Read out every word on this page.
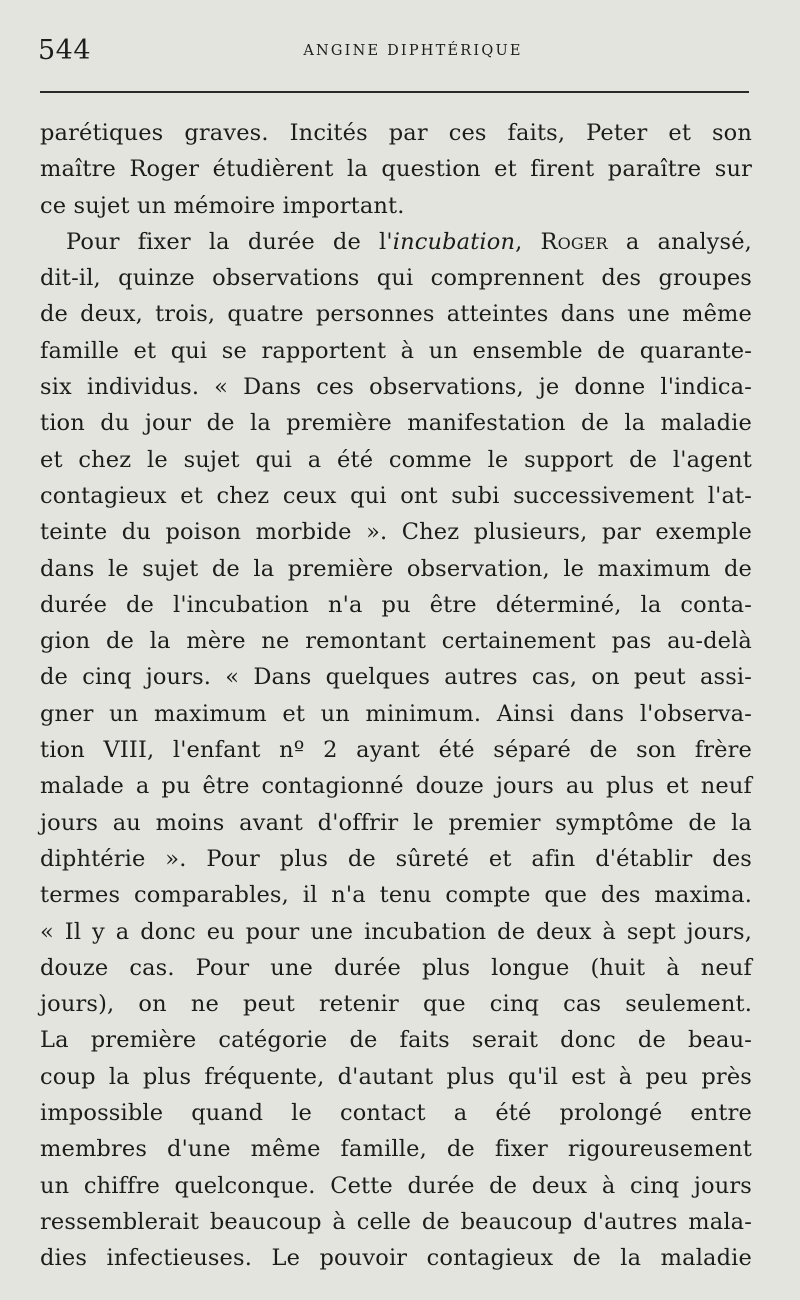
544	ANGINE DIPHTÉRIQUE
parétiques graves. Incités par ces faits, Peter et son
maître Roger étudièrent la question et firent paraître sur
ce sujet un mémoire important.
Pour fixer la durée de l'incubation, Roger a analysé,
dit-il, quinze observations qui comprennent des groupes
de deux, trois, quatre personnes atteintes dans une même
famille et qui se rapportent à un ensemble de quarante-
six individus. « Dans ces observations, je donne l'indica-
tion du jour de la première manifestation de la maladie
et chez le sujet qui a été comme le support de l'agent
contagieux et chez ceux qui ont subi successivement l'at-
teinte du poison morbide ». Chez plusieurs, par exemple
dans le sujet de la première observation, le maximum de
durée de l'incubation n'a pu être déterminé, la conta-
gion de la mère ne remontant certainement pas au-delà
de cinq jours. « Dans quelques autres cas, on peut assi-
gner un maximum et un minimum. Ainsi dans l'observa-
tion VIII, l'enfant nº 2 ayant été séparé de son frère
malade a pu être contagionné douze jours au plus et neuf
jours au moins avant d'offrir le premier symptôme de la
diphtérie ». Pour plus de sûreté et afin d'établir des
termes comparables, il n'a tenu compte que des maxima.
« Il y a donc eu pour une incubation de deux à sept jours,
douze cas. Pour une durée plus longue (huit à neuf
jours), on ne peut retenir que cinq cas seulement.
La première catégorie de faits serait donc de beau-
coup la plus fréquente, d'autant plus qu'il est à peu près
impossible quand le contact a été prolongé entre
membres d'une même famille, de fixer rigoureusement
un chiffre quelconque. Cette durée de deux à cinq jours
ressemblerait beaucoup à celle de beaucoup d'autres mala-
dies infectieuses. Le pouvoir contagieux de la maladie
